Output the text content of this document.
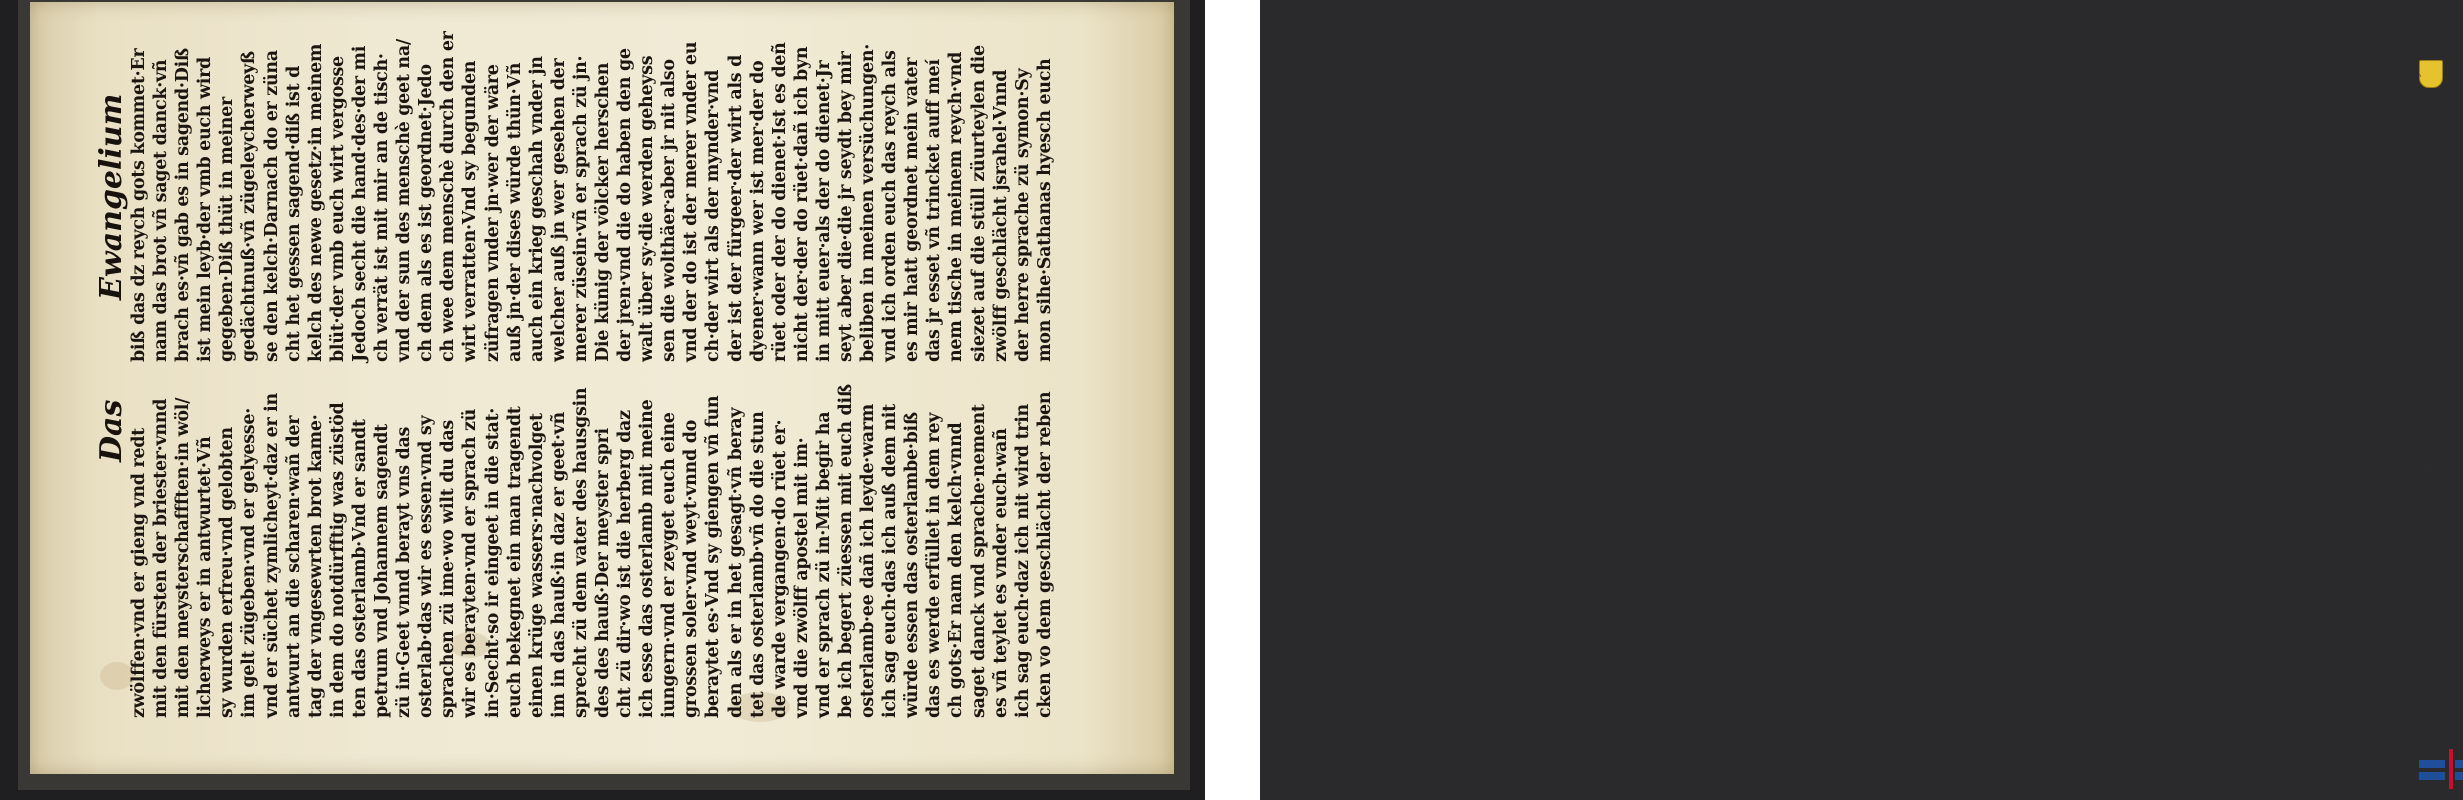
Das
Ewangelium
zwölffen·vnd er gieng vnd redt mit den fürsten der briester·vnnd mit den meysterschaffften·in wöl/ licherweys er in antwurtet·Vñ sy wurden erfreu·vnd gelobten im gelt zügeben·vnd er gelyesse· vnd er süchet zymlicheyt·daz er in antwurt an die scharen·wañ der tag der vngesewrten brot kame· in dem do notdürfftig was züstöd ten das osterlamb·Vnd er sandt petrum vnd Johannem sagendt zü in·Geet vnnd berayt vns das osterlab·das wir es essen·vnd sy sprachen zü ime·wo wilt du das wir es berayten·vnd er sprach zü in·Secht·so ir eingeet in die stat· euch bekegnet ein man tragendt einen krüge wassers·nachvolget im in das hauß·in daz er geet·vñ sprecht zü dem vater des hausgsin des des hauß·Der meyster spri cht zü dir·wo ist die herberg daz ich esse das osterlamb mit meine iungern·vnd er zeyget euch eine grossen soler·vnd weyt·vnnd do beraytet es·Vnd sy giengen vñ fun den als er in het gesagt·vñ beray tet das osterlamb·vñ do die stun de warde vergangen·do rüet er· vnd die zwölff apostel mit im· vnd er sprach zü in·Mit begir ha be ich begert züessen mit euch diß osterlamb·ee dañ ich leyde·warm ich sag euch·das ich auß dem nit würde essen das osterlambe·biß das es werde erfüllet in dem rey ch gots·Er nam den kelch·vnnd saget danck vnd sprache·nement es vñ teylet es vnder euch·wañ ich sag euch·daz ich nit wird trin cken vo dem geschlächt der reben
biß das dz reych gots kommet·Er nam das brot vñ saget danck·vñ brach es·vñ gab es in sagend·Diß ist mein leyb·der vmb euch wird gegeben·Diß thüt in meiner gedächtnuß·vñ zügeleycherweyß se den kelch·Darnach do er züna cht het gessen sagend·diß ist d kelch des newe gesetz·in meinem blüt·der vmb euch wirt vergosse Jedoch secht die hand·des·der mi ch verrät ist mit mir an de tisch· vnd der sun des menschè geet na/ ch dem als es ist geordnet·Jedo ch wee dem menschè durch den er wirt verratten·Vnd sy begunden züfragen vnder jn·wer der wäre auß jn·der dises würde thün·Vñ auch ein krieg geschah vnder jn welcher auß jn wer gesehen der merer züsein·vñ er sprach zü jn· Die künig der völcker herschen der jren·vnd die do haben den ge walt über sy·die werden geheyss sen die wolthäer·aber jr nit also vnd der do ist der merer vnder eu ch·der wirt als der mynder·vnd der ist der fürgeer·der wirt als d dyener·wann wer ist mer·der do rüet oder der do dienet·Ist es deñ nicht der·der do rüet·dañ ich byn in mitt euer·als der do dienet·Jr seyt aber die·die jr seydt bey mir beliben in meinen versüchungen· vnd ich orden euch das reych als es mir hatt geordnet mein vater das jr esset vñ trincket auff meí nem tische in meinem reych·vnd siezet auf die stüll züurteylen die zwölff geschlächt jsrahel·Vnnd der herre sprache zü symon·Sy mon sihe·Sathanas hyesch euch
gefördert durch Baden-Württemberg MINISTERIUM FÜR WISSENSCHAFT, FORSCHUNG UND KUNST
http://dl.ub.uni-freiburg.de/diglit/ander1490-2/0748 © Universitätsbibliothek Freiburg
